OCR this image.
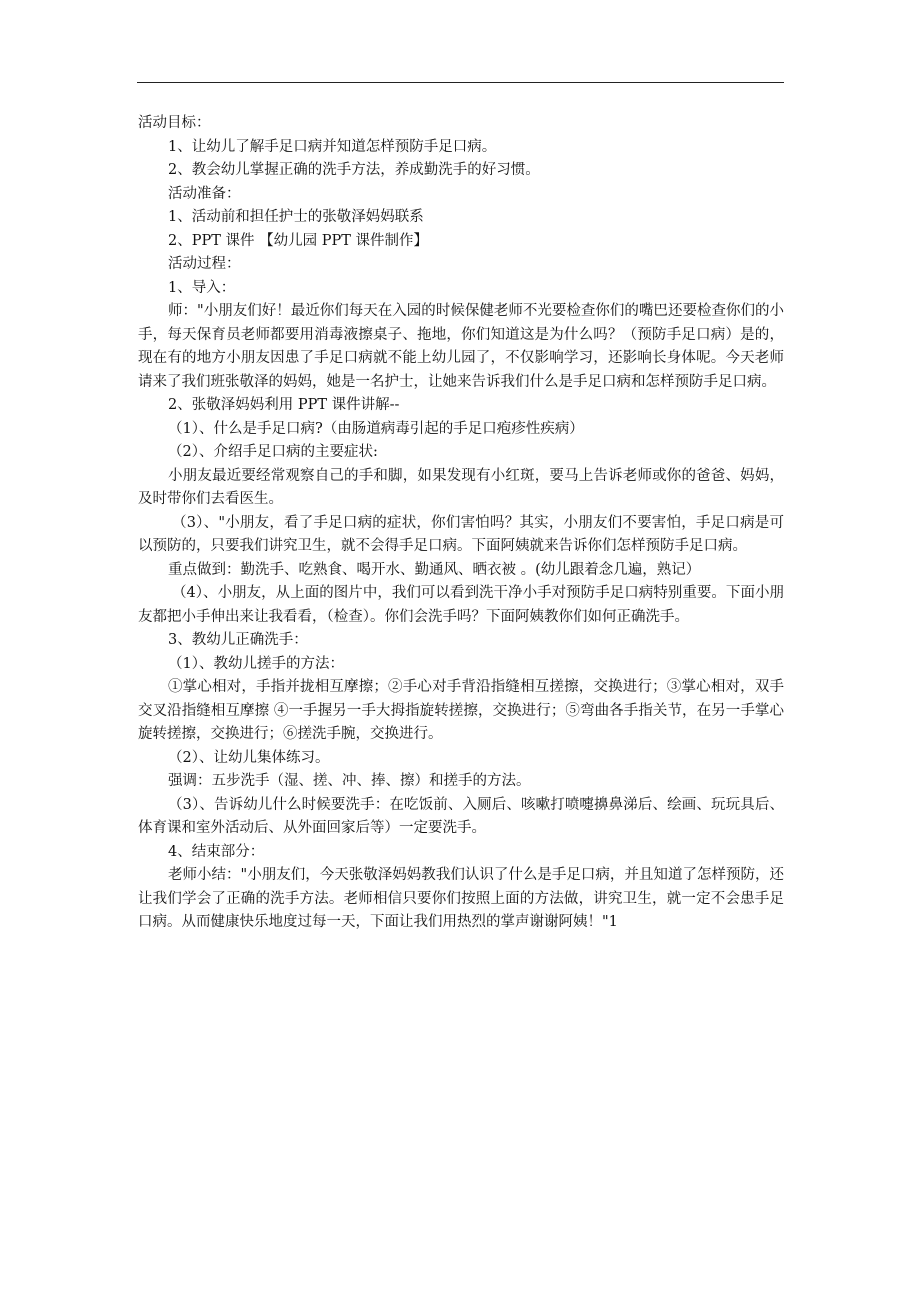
活动目标：

1、让幼儿了解手足口病并知道怎样预防手足口病。

2、教会幼儿掌握正确的洗手方法，养成勤洗手的好习惯。

活动准备：

1、活动前和担任护士的张敬泽妈妈联系

2、PPT 课件 【幼儿园 PPT 课件制作】

活动过程：

1、导入：

师："小朋友们好！最近你们每天在入园的时候保健老师不光要检查你们的嘴巴还要检查你们的小手，每天保育员老师都要用消毒液擦桌子、拖地，你们知道这是为什么吗？（预防手足口病）是的，现在有的地方小朋友因患了手足口病就不能上幼儿园了，不仅影响学习，还影响长身体呢。今天老师请来了我们班张敬泽的妈妈，她是一名护士，让她来告诉我们什么是手足口病和怎样预防手足口病。

2、张敬泽妈妈利用 PPT 课件讲解--

（1）、什么是手足口病?（由肠道病毒引起的手足口疱疹性疾病）

（2）、介绍手足口病的主要症状:

小朋友最近要经常观察自己的手和脚，如果发现有小红斑，要马上告诉老师或你的爸爸、妈妈，及时带你们去看医生。

（3）、"小朋友，看了手足口病的症状，你们害怕吗？其实，小朋友们不要害怕，手足口病是可以预防的，只要我们讲究卫生，就不会得手足口病。下面阿姨就来告诉你们怎样预防手足口病。

重点做到：勤洗手、吃熟食、喝开水、勤通风、晒衣被 。(幼儿跟着念几遍，熟记）

（4）、小朋友，从上面的图片中，我们可以看到洗干净小手对预防手足口病特别重要。下面小朋友都把小手伸出来让我看看，（检查）。你们会洗手吗？下面阿姨教你们如何正确洗手。

3、教幼儿正确洗手：

（1）、教幼儿搓手的方法：

①掌心相对，手指并拢相互摩擦；②手心对手背沿指缝相互搓擦，交换进行；③掌心相对，双手交叉沿指缝相互摩擦 ④一手握另一手大拇指旋转搓擦，交换进行；⑤弯曲各手指关节，在另一手掌心旋转搓擦，交换进行；⑥搓洗手腕，交换进行。

（2）、让幼儿集体练习。

强调：五步洗手（湿、搓、冲、捧、擦）和搓手的方法。

（3）、告诉幼儿什么时候要洗手：在吃饭前、入厕后、咳嗽打喷嚏擤鼻涕后、绘画、玩玩具后、体育课和室外活动后、从外面回家后等）一定要洗手。

4、结束部分：

老师小结："小朋友们，今天张敬泽妈妈教我们认识了什么是手足口病，并且知道了怎样预防，还让我们学会了正确的洗手方法。老师相信只要你们按照上面的方法做，讲究卫生，就一定不会患手足口病。从而健康快乐地度过每一天，下面让我们用热烈的掌声谢谢阿姨！"1
